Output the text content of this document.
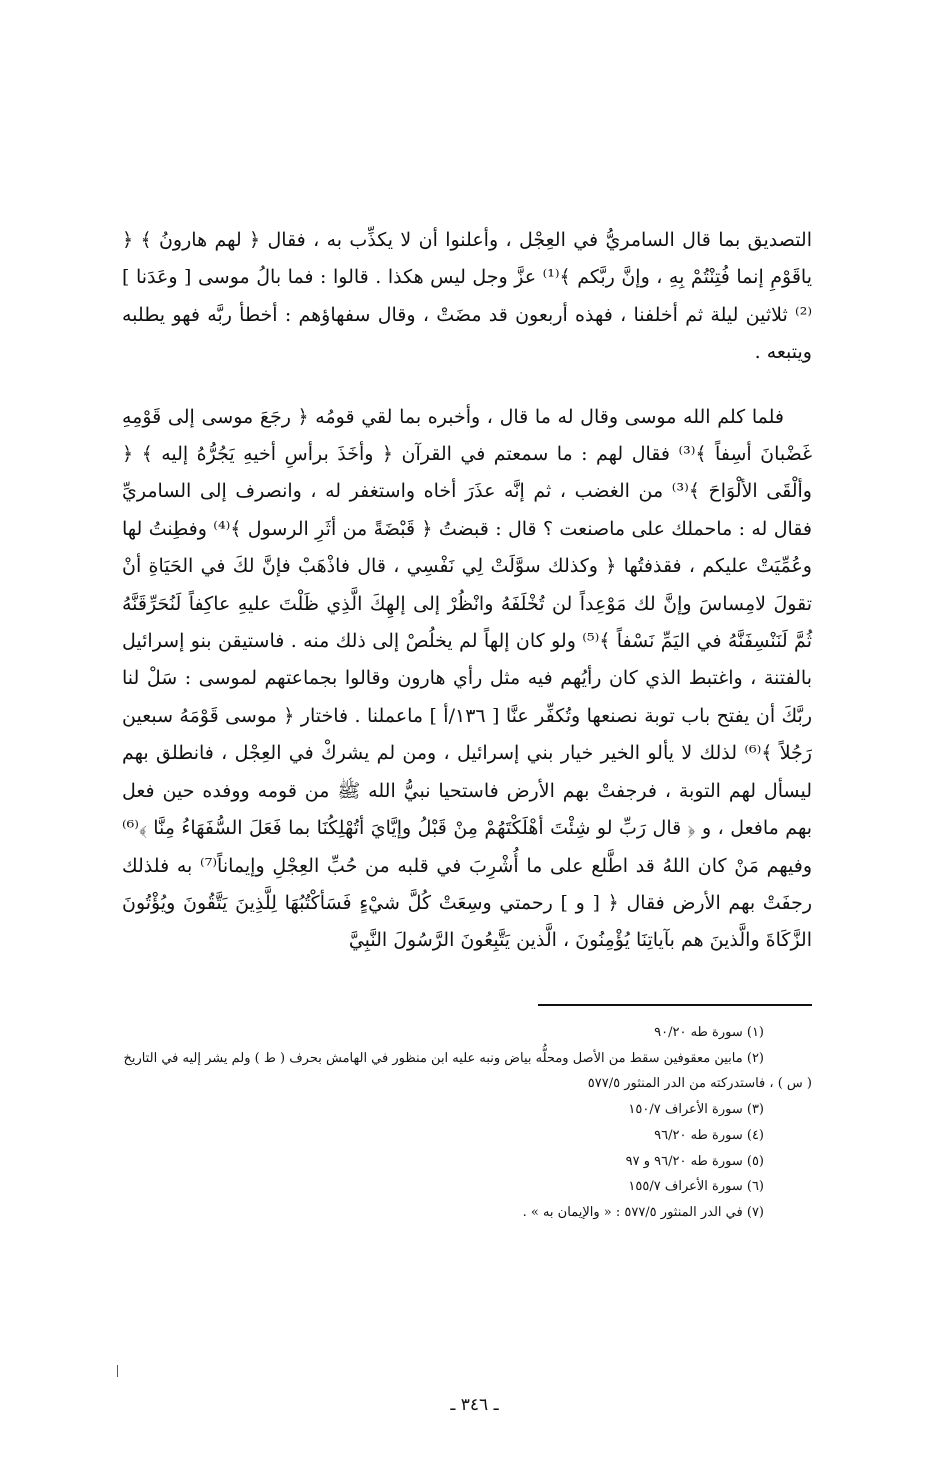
التصديق بما قال السامريُّ في العِجْل ، وأعلنوا أن لا يكذِّب به ، فقال ﴿ لهم هارونُ ﴾ ﴿ ياقَوْمِ إنما فُتِنْتُمْ بِهِ ، وإنَّ ربَّكم ﴾⁽¹⁾ عزَّ وجل ليس هكذا . قالوا : فما بالُ موسى [ وعَدَنا ]⁽²⁾ ثلاثين ليلة ثم أخلفنا ، فهذه أربعون قد مضَتْ ، وقال سفهاؤهم : أخطأ ربَّه فهو يطلبه ويتبعه .

فلما كلم الله موسى وقال له ما قال ، وأخبره بما لقي قومُه ﴿ رجَعَ موسى إلى قَوْمِهِ غَضْبانَ أسِفاً ﴾⁽³⁾ فقال لهم : ما سمعتم في القرآن ﴿ وأخَذَ برأسِ أخيهِ يَجُرُّهُ إليه ﴾ ﴿ وألْقَى الألْوَاحَ ﴾⁽³⁾ من الغضب ، ثم إنَّه عذَرَ أخاه واستغفر له ، وانصرف إلى السامريِّ فقال له : ماحملك على ماصنعت ؟ قال : قبضتُ ﴿ قَبْضَةً من أثَرِ الرسول ﴾⁽⁴⁾ وفطِنتُ لها وعُمِّيَتْ عليكم ، فقذفتُها ﴿ وكذلك سوَّلَتْ لِي نَفْسِي ، قال فاذْهَبْ فإنَّ لكَ في الحَيَاةِ أنْ تقولَ لامِساسَ وإنَّ لك مَوْعِداً لن تُخْلَفَهُ وانْظُرْ إلى إلهِكَ الَّذِي ظَلْتَ عليهِ عاكِفاً لَنُحَرِّقَنَّهُ ثُمَّ لَنَنْسِفَنَّهُ في اليَمِّ نَسْفاً ﴾⁽⁵⁾ ولو كان إلهاً لم يخلُصْ إلى ذلك منه . فاستيقن بنو إسرائيل بالفتنة ، واغتبط الذي كان رأيُهم فيه مثل رأي هارون وقالوا بجماعتهم لموسى : سَلْ لنا ربَّكَ أن يفتح باب توبة نصنعها وتُكفِّر عنَّا [ ١٣٦/أ ] ماعملنا . فاختار ﴿ موسى قَوْمَهُ سبعين رَجُلاً ﴾⁽⁶⁾ لذلك لا يألو الخير خيار بني إسرائيل ، ومن لم يشركْ في العِجْل ، فانطلق بهم ليسأل لهم التوبة ، فرجفتْ بهم الأرض فاستحيا نبيُّ الله ﷺ من قومه ووفده حين فعل بهم مافعل ، و ﴿ قال رَبِّ لو شِئْتَ أهْلَكْتَهُمْ مِنْ قَبْلُ وإيَّايَ أتُهْلِكُنَا بما فَعَلَ السُّفَهَاءُ مِنَّا ﴾⁽⁶⁾ وفيهم مَنْ كان اللهُ قد اطَّلع على ما أُشْرِبَ في قلبه من حُبِّ العِجْلِ وإيماناً⁽⁷⁾ به فلذلك رجفَتْ بهم الأرض فقال ﴿ [ و ] رحمتي وسِعَتْ كُلَّ شيْءٍ فَسَأكْتُبُهَا لِلَّذِينَ يَتَّقُونَ ويُؤْتُونَ الزَّكَاةَ والَّذينَ هم بآياتِنَا يُؤْمِنُونَ ، الَّذين يَتَّبِعُونَ الرَّسُولَ النَّبِيَّ

(١) سورة طه ٩٠/٢٠

(٢) مابين معقوفين سقط من الأصل ومحلُّه بياض ونبه عليه ابن منظور في الهامش بحرف ( ط ) ولم يشر إليه في التاريخ ( س ) ، فاستدركته من الدر المنثور ٥٧٧/٥

(٣) سورة الأعراف ١٥٠/٧

(٤) سورة طه ٩٦/٢٠

(٥) سورة طه ٩٦/٢٠ و ٩٧

(٦) سورة الأعراف ١٥٥/٧

(٧) في الدر المنثور ٥٧٧/٥ : « والإيمان به » .

ـ ٣٤٦ ـ
